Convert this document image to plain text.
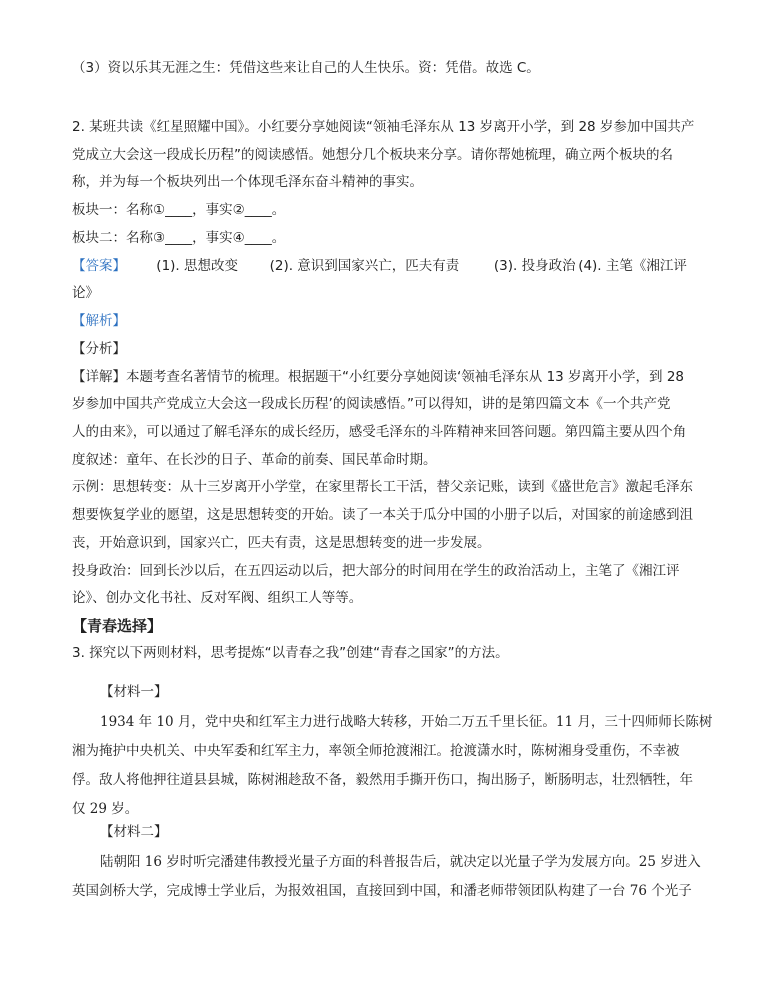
（3）资以乐其无涯之生：凭借这些来让自己的人生快乐。资：凭借。故选 C。
2. 某班共读《红星照耀中国》。小红要分享她阅读“领袖毛泽东从 13 岁离开小学，到 28 岁参加中国共产
党成立大会这一段成长历程”的阅读感悟。她想分几个板块来分享。请你帮她梳理，确立两个板块的名
称，并为每一个板块列出一个体现毛泽东奋斗精神的事实。
板块一：名称①____，事实②____。
板块二：名称③____，事实④____。
【答案】 (1). 思想改变 (2). 意识到国家兴亡，匹夫有责	(3). 投身政治 (4). 主笔《湘江评
论》
【解析】
【分析】
【详解】本题考查名著情节的梳理。根据题干“小红要分享她阅读‘领袖毛泽东从 13 岁离开小学，到 28
岁参加中国共产党成立大会这一段成长历程’的阅读感悟。”可以得知，讲的是第四篇文本《一个共产党
人的由来》，可以通过了解毛泽东的成长经历，感受毛泽东的斗阵精神来回答问题。第四篇主要从四个角
度叙述：童年、在长沙的日子、革命的前奏、国民革命时期。
示例：思想转变：从十三岁离开小学堂，在家里帮长工干活，替父亲记账，读到《盛世危言》激起毛泽东
想要恢复学业的愿望，这是思想转变的开始。读了一本关于瓜分中国的小册子以后，对国家的前途感到沮
丧，开始意识到，国家兴亡，匹夫有责，这是思想转变的进一步发展。
投身政治：回到长沙以后，在五四运动以后，把大部分的时间用在学生的政治活动上，主笔了《湘江评
论》、创办文化书社、反对军阀、组织工人等等。
【青春选择】
3. 探究以下两则材料，思考提炼“以青春之我”创建“青春之国家”的方法。
【材料一】
1934 年 10 月，党中央和红军主力进行战略大转移，开始二万五千里长征。11 月，三十四师师长陈树
湘为掩护中央机关、中央军委和红军主力，率领全师抢渡湘江。抢渡潇水时，陈树湘身受重伤，不幸被
俘。敌人将他押往道县县城，陈树湘趁敌不备，毅然用手撕开伤口，掏出肠子，断肠明志，壮烈牺牲，年
仅 29 岁。
【材料二】
陆朝阳 16 岁时听完潘建伟教授光量子方面的科普报告后，就决定以光量子学为发展方向。25 岁进入
英国剑桥大学，完成博士学业后，为报效祖国，直接回到中国，和潘老师带领团队构建了一台 76 个光子
